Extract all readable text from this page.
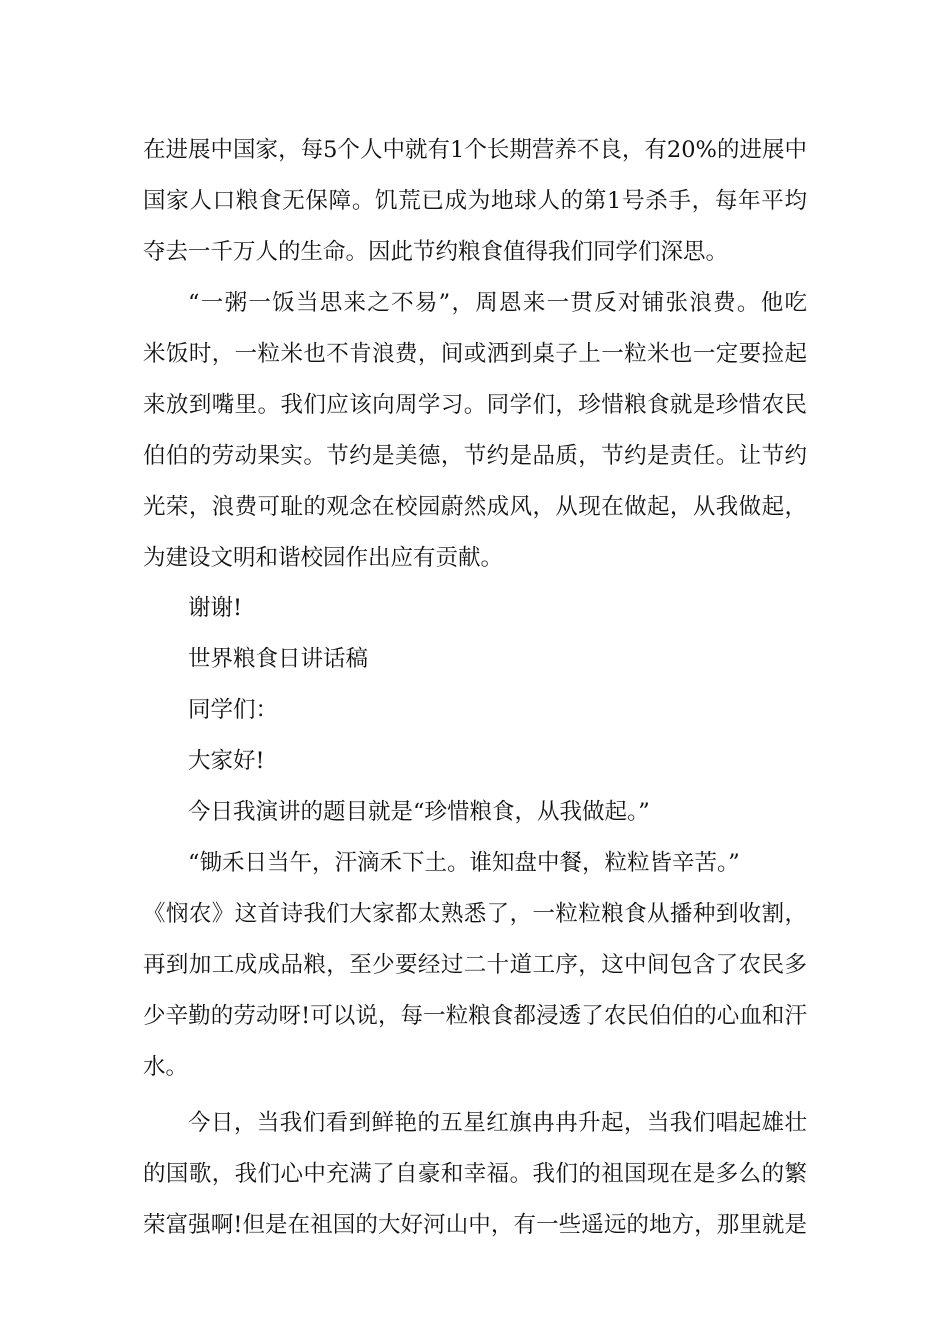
在进展中国家，每5个人中就有1个长期营养不良，有20%的进展中
国家人口粮食无保障。饥荒已成为地球人的第1号杀手，每年平均
夺去一千万人的生命。因此节约粮食值得我们同学们深思。
“一粥一饭当思来之不易”，周恩来一贯反对铺张浪费。他吃
米饭时，一粒米也不肯浪费，间或洒到桌子上一粒米也一定要捡起
来放到嘴里。我们应该向周学习。同学们，珍惜粮食就是珍惜农民
伯伯的劳动果实。节约是美德，节约是品质，节约是责任。让节约
光荣，浪费可耻的观念在校园蔚然成风，从现在做起，从我做起，
为建设文明和谐校园作出应有贡献。
谢谢!
世界粮食日讲话稿
同学们：
大家好!
今日我演讲的题目就是“珍惜粮食，从我做起。”
“锄禾日当午，汗滴禾下土。谁知盘中餐，粒粒皆辛苦。”
《悯农》这首诗我们大家都太熟悉了，一粒粒粮食从播种到收割，
再到加工成成品粮，至少要经过二十道工序，这中间包含了农民多
少辛勤的劳动呀!可以说，每一粒粮食都浸透了农民伯伯的心血和汗
水。
今日，当我们看到鲜艳的五星红旗冉冉升起，当我们唱起雄壮
的国歌，我们心中充满了自豪和幸福。我们的祖国现在是多么的繁
荣富强啊!但是在祖国的大好河山中，有一些遥远的地方，那里就是
